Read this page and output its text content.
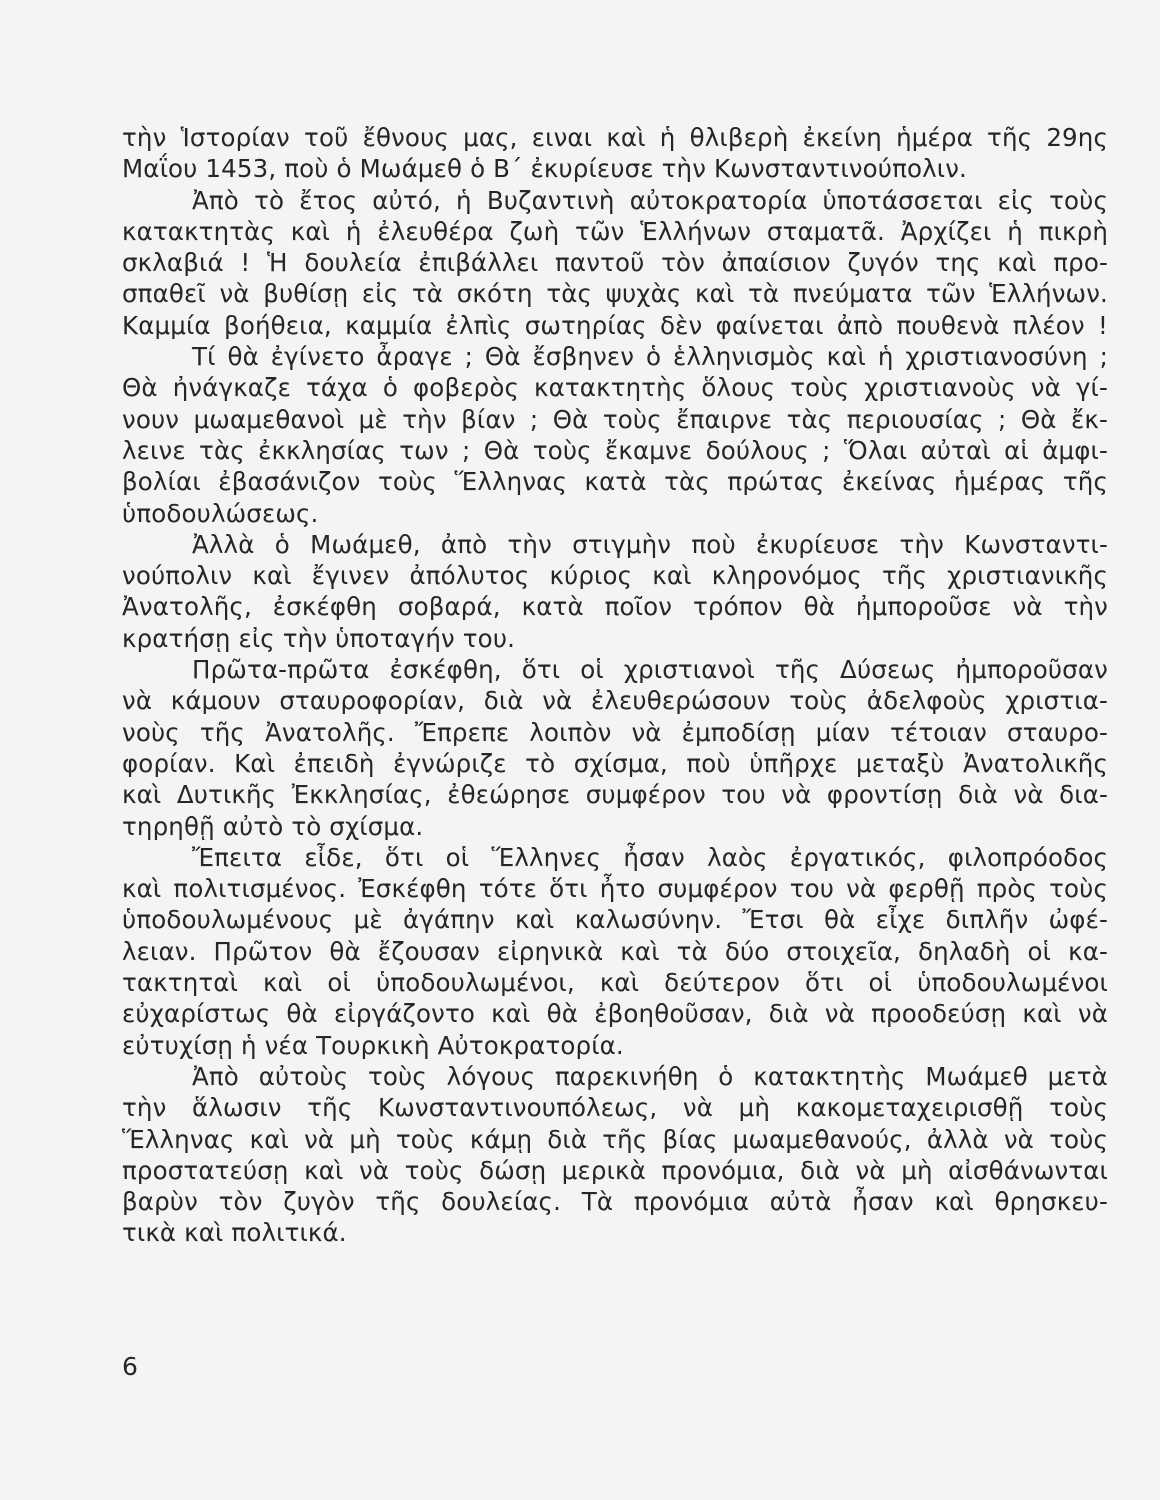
τὴν Ἱστορίαν τοῦ ἔθνους μας, ειναι καὶ ἡ θλιβερὴ ἐκείνη ἡμέρα τῆς 29ης
Μαΐου 1453, ποὺ ὁ Μωάμεθ ὁ Β΄ ἐκυρίευσε τὴν Κωνσταντινούπολιν.
Ἀπὸ τὸ ἔτος αὐτό, ἡ Βυζαντινὴ αὐτοκρατορία ὑποτάσσεται εἰς τοὺς
κατακτητὰς καὶ ἡ ἐλευθέρα ζωὴ τῶν Ἑλλήνων σταματᾶ. Ἀρχίζει ἡ πικρὴ
σκλαβιά ! Ἡ δουλεία ἐπιβάλλει παντοῦ τὸν ἀπαίσιον ζυγόν της καὶ προ-
σπαθεῖ νὰ βυθίσῃ εἰς τὰ σκότη τὰς ψυχὰς καὶ τὰ πνεύματα τῶν Ἑλλήνων.
Καμμία βοήθεια, καμμία ἐλπὶς σωτηρίας δὲν φαίνεται ἀπὸ πουθενὰ πλέον !
Τί θὰ ἐγίνετο ἆραγε ; Θὰ ἔσβηνεν ὁ ἑλληνισμὸς καὶ ἡ χριστιανοσύνη ;
Θὰ ἠνάγκαζε τάχα ὁ φοβερὸς κατακτητὴς ὅλους τοὺς χριστιανοὺς νὰ γί-
νουν μωαμεθανοὶ μὲ τὴν βίαν ; Θὰ τοὺς ἔπαιρνε τὰς περιουσίας ; Θὰ ἔκ-
λεινε τὰς ἐκκλησίας των ; Θὰ τοὺς ἔκαμνε δούλους ; Ὅλαι αὐταὶ αἱ ἀμφι-
βολίαι ἐβασάνιζον τοὺς Ἕλληνας κατὰ τὰς πρώτας ἐκείνας ἡμέρας τῆς
ὑποδουλώσεως.
Ἀλλὰ ὁ Μωάμεθ, ἀπὸ τὴν στιγμὴν ποὺ ἐκυρίευσε τὴν Κωνσταντι-
νούπολιν καὶ ἔγινεν ἀπόλυτος κύριος καὶ κληρονόμος τῆς χριστιανικῆς
Ἀνατολῆς, ἐσκέφθη σοβαρά, κατὰ ποῖον τρόπον θὰ ἠμποροῦσε νὰ τὴν
κρατήσῃ εἰς τὴν ὑποταγήν του.
Πρῶτα-πρῶτα ἐσκέφθη, ὅτι οἱ χριστιανοὶ τῆς Δύσεως ἠμποροῦσαν
νὰ κάμουν σταυροφορίαν, διὰ νὰ ἐλευθερώσουν τοὺς ἀδελφοὺς χριστια-
νοὺς τῆς Ἀνατολῆς. Ἔπρεπε λοιπὸν νὰ ἐμποδίσῃ μίαν τέτοιαν σταυρο-
φορίαν. Καὶ ἐπειδὴ ἐγνώριζε τὸ σχίσμα, ποὺ ὑπῆρχε μεταξὺ Ἀνατολικῆς
καὶ Δυτικῆς Ἐκκλησίας, ἐθεώρησε συμφέρον του νὰ φροντίσῃ διὰ νὰ δια-
τηρηθῇ αὐτὸ τὸ σχίσμα.
Ἔπειτα εἶδε, ὅτι οἱ Ἕλληνες ἦσαν λαὸς ἐργατικός, φιλοπρόοδος
καὶ πολιτισμένος. Ἐσκέφθη τότε ὅτι ἦτο συμφέρον του νὰ φερθῇ πρὸς τοὺς
ὑποδουλωμένους μὲ ἀγάπην καὶ καλωσύνην. Ἔτσι θὰ εἶχε διπλῆν ὠφέ-
λειαν. Πρῶτον θὰ ἔζουσαν εἰρηνικὰ καὶ τὰ δύο στοιχεῖα, δηλαδὴ οἱ κα-
τακτηταὶ καὶ οἱ ὑποδουλωμένοι, καὶ δεύτερον ὅτι οἱ ὑποδουλωμένοι
εὐχαρίστως θὰ εἰργάζοντο καὶ θὰ ἐβοηθοῦσαν, διὰ νὰ προοδεύσῃ καὶ νὰ
εὐτυχίσῃ ἡ νέα Τουρκικὴ Αὐτοκρατορία.
Ἀπὸ αὐτοὺς τοὺς λόγους παρεκινήθη ὁ κατακτητὴς Μωάμεθ μετὰ
τὴν ἅλωσιν τῆς Κωνσταντινουπόλεως, νὰ μὴ κακομεταχειρισθῇ τοὺς
Ἕλληνας καὶ νὰ μὴ τοὺς κάμῃ διὰ τῆς βίας μωαμεθανούς, ἀλλὰ νὰ τοὺς
προστατεύσῃ καὶ νὰ τοὺς δώσῃ μερικὰ προνόμια, διὰ νὰ μὴ αἰσθάνωνται
βαρὺν τὸν ζυγὸν τῆς δουλείας. Τὰ προνόμια αὐτὰ ἦσαν καὶ θρησκευ-
τικὰ καὶ πολιτικά.
6
